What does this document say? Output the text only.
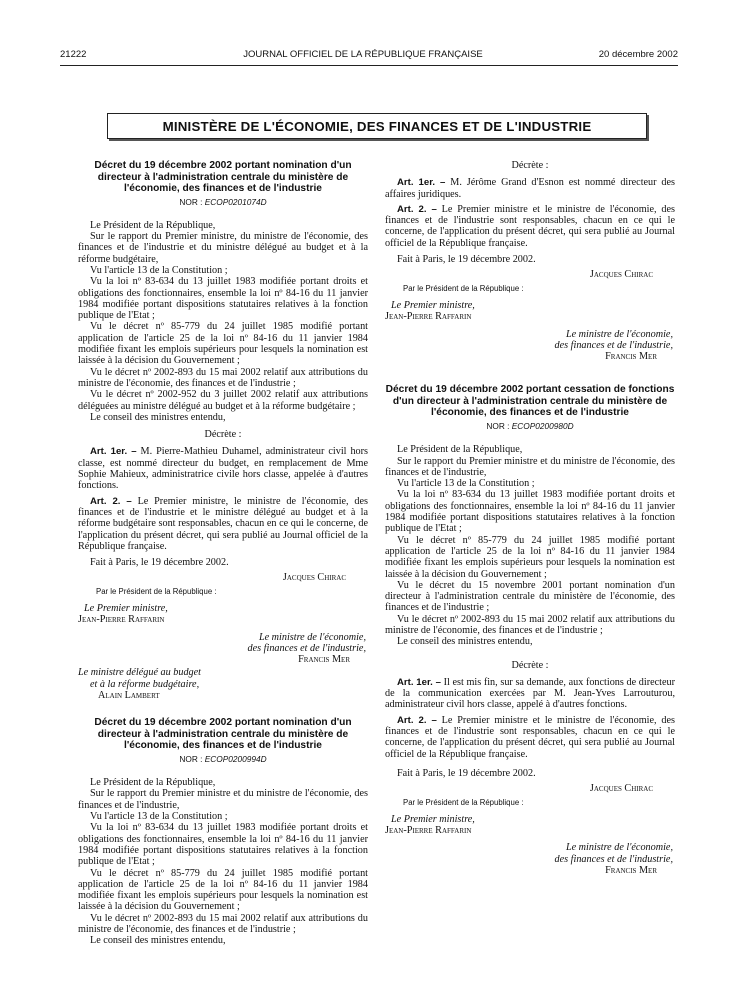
21222	JOURNAL OFFICIEL DE LA RÉPUBLIQUE FRANÇAISE	20 décembre 2002
MINISTÈRE DE L'ÉCONOMIE, DES FINANCES ET DE L'INDUSTRIE
Décret du 19 décembre 2002 portant nomination d'un directeur à l'administration centrale du ministère de l'économie, des finances et de l'industrie
NOR : ECOP0201074D

Le Président de la République,

Sur le rapport du Premier ministre, du ministre de l'économie, des finances et de l'industrie et du ministre délégué au budget et à la réforme budgétaire,

Vu l'article 13 de la Constitution ;

Vu la loi nº 83-634 du 13 juillet 1983 modifiée portant droits et obligations des fonctionnaires, ensemble la loi nº 84-16 du 11 janvier 1984 modifiée portant dispositions statutaires relatives à la fonction publique de l'Etat ;

Vu le décret nº 85-779 du 24 juillet 1985 modifié portant application de l'article 25 de la loi nº 84-16 du 11 janvier 1984 modifiée fixant les emplois supérieurs pour lesquels la nomination est laissée à la décision du Gouvernement ;

Vu le décret nº 2002-893 du 15 mai 2002 relatif aux attributions du ministre de l'économie, des finances et de l'industrie ;

Vu le décret nº 2002-952 du 3 juillet 2002 relatif aux attributions déléguées au ministre délégué au budget et à la réforme budgétaire ;

Le conseil des ministres entendu,

Décrète :

Art. 1er. – M. Pierre-Mathieu Duhamel, administrateur civil hors classe, est nommé directeur du budget, en remplacement de Mme Sophie Mahieux, administratrice civile hors classe, appelée à d'autres fonctions.

Art. 2. – Le Premier ministre, le ministre de l'économie, des finances et de l'industrie et le ministre délégué au budget et à la réforme budgétaire sont responsables, chacun en ce qui le concerne, de l'application du présent décret, qui sera publié au Journal officiel de la République française.

Fait à Paris, le 19 décembre 2002.

Jacques Chirac
Par le Président de la République :
Le Premier ministre,
Jean-Pierre Raffarin
Le ministre de l'économie,
des finances et de l'industrie,
Francis Mer
Le ministre délégué au budget
et à la réforme budgétaire,
Alain Lambert
Décret du 19 décembre 2002 portant nomination d'un directeur à l'administration centrale du ministère de l'économie, des finances et de l'industrie
NOR : ECOP0200994D

Le Président de la République,

Sur le rapport du Premier ministre et du ministre de l'économie, des finances et de l'industrie,

Vu l'article 13 de la Constitution ;

Vu la loi nº 83-634 du 13 juillet 1983 modifiée portant droits et obligations des fonctionnaires, ensemble la loi nº 84-16 du 11 janvier 1984 modifiée portant dispositions statutaires relatives à la fonction publique de l'Etat ;

Vu le décret nº 85-779 du 24 juillet 1985 modifié portant application de l'article 25 de la loi nº 84-16 du 11 janvier 1984 modifiée fixant les emplois supérieurs pour lesquels la nomination est laissée à la décision du Gouvernement ;

Vu le décret nº 2002-893 du 15 mai 2002 relatif aux attributions du ministre de l'économie, des finances et de l'industrie ;

Le conseil des ministres entendu,

Décrète :

Art. 1er. – M. Jérôme Grand d'Esnon est nommé directeur des affaires juridiques.

Art. 2. – Le Premier ministre et le ministre de l'économie, des finances et de l'industrie sont responsables, chacun en ce qui le concerne, de l'application du présent décret, qui sera publié au Journal officiel de la République française.

Fait à Paris, le 19 décembre 2002.

Jacques Chirac
Par le Président de la République :
Le Premier ministre,
Jean-Pierre Raffarin
Le ministre de l'économie,
des finances et de l'industrie,
Francis Mer
Décret du 19 décembre 2002 portant cessation de fonctions d'un directeur à l'administration centrale du ministère de l'économie, des finances et de l'industrie
NOR : ECOP0200980D

Le Président de la République,

Sur le rapport du Premier ministre et du ministre de l'économie, des finances et de l'industrie,

Vu l'article 13 de la Constitution ;

Vu la loi nº 83-634 du 13 juillet 1983 modifiée portant droits et obligations des fonctionnaires, ensemble la loi nº 84-16 du 11 janvier 1984 modifiée portant dispositions statutaires relatives à la fonction publique de l'Etat ;

Vu le décret nº 85-779 du 24 juillet 1985 modifié portant application de l'article 25 de la loi nº 84-16 du 11 janvier 1984 modifiée fixant les emplois supérieurs pour lesquels la nomination est laissée à la décision du Gouvernement ;

Vu le décret du 15 novembre 2001 portant nomination d'un directeur à l'administration centrale du ministère de l'économie, des finances et de l'industrie ;

Vu le décret nº 2002-893 du 15 mai 2002 relatif aux attributions du ministre de l'économie, des finances et de l'industrie ;

Le conseil des ministres entendu,

Décrète :

Art. 1er. – Il est mis fin, sur sa demande, aux fonctions de directeur de la communication exercées par M. Jean-Yves Larrouturou, administrateur civil hors classe, appelé à d'autres fonctions.

Art. 2. – Le Premier ministre et le ministre de l'économie, des finances et de l'industrie sont responsables, chacun en ce qui le concerne, de l'application du présent décret, qui sera publié au Journal officiel de la République française.

Fait à Paris, le 19 décembre 2002.

Jacques Chirac
Par le Président de la République :
Le Premier ministre,
Jean-Pierre Raffarin
Le ministre de l'économie,
des finances et de l'industrie,
Francis Mer
